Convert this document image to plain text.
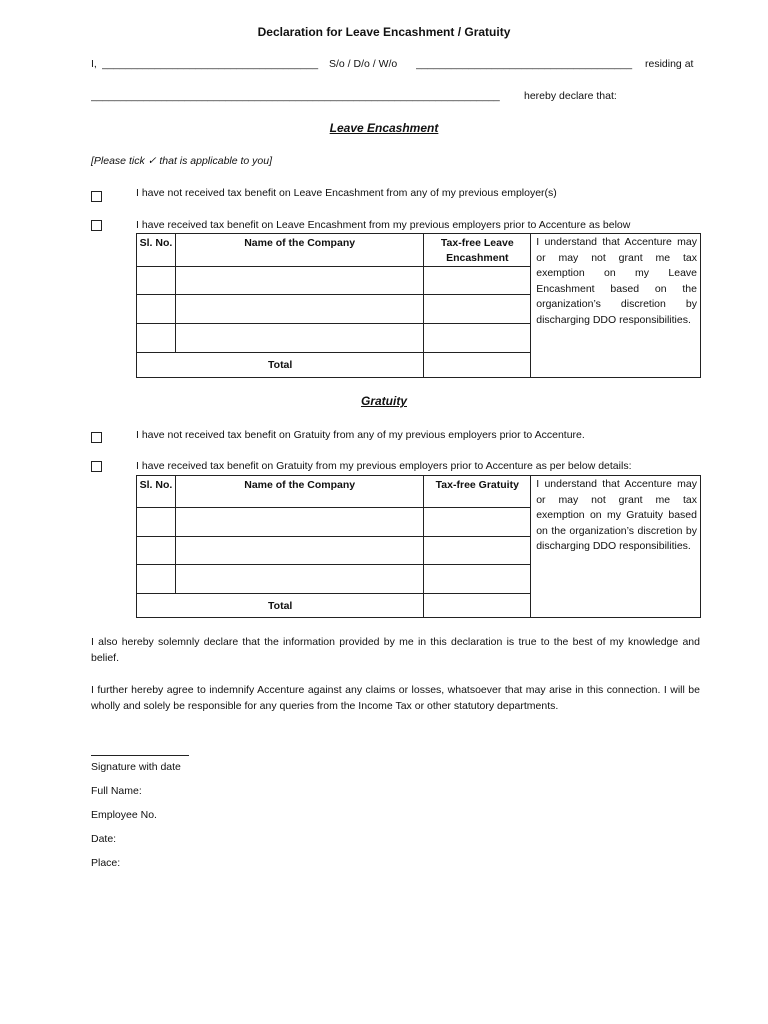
Declaration for Leave Encashment / Gratuity
I, _____________________________________	S/o / D/o / W/o _____________________________________	residing at
______________________________________________________________________	hereby declare that:
Leave Encashment
[Please tick ✓ that is applicable to you]
I have not received tax benefit on Leave Encashment from any of my previous employer(s)
I have received tax benefit on Leave Encashment from my previous employers prior to Accenture as below
Sl. No.	Name of the Company	Tax-free Leave Encashment	I understand that Accenture may or may not grant me tax exemption on my Leave Encashment based on the organization’s discretion by discharging DDO responsibilities.

Total			
Gratuity
I have not received tax benefit on Gratuity from any of my previous employers prior to Accenture.
I have received tax benefit on Gratuity from my previous employers prior to Accenture as per below details:
Sl. No.	Name of the Company	Tax-free Gratuity	I understand that Accenture may or may not grant me tax exemption on my Gratuity based on the organization’s discretion by discharging DDO responsibilities.

Total			
I also hereby solemnly declare that the information provided by me in this declaration is true to the best of my knowledge and belief.
I further hereby agree to indemnify Accenture against any claims or losses, whatsoever that may arise in this connection. I will be wholly and solely be responsible for any queries from the Income Tax or other statutory departments.
Signature with date
Full Name:
Employee No.
Date:
Place:
